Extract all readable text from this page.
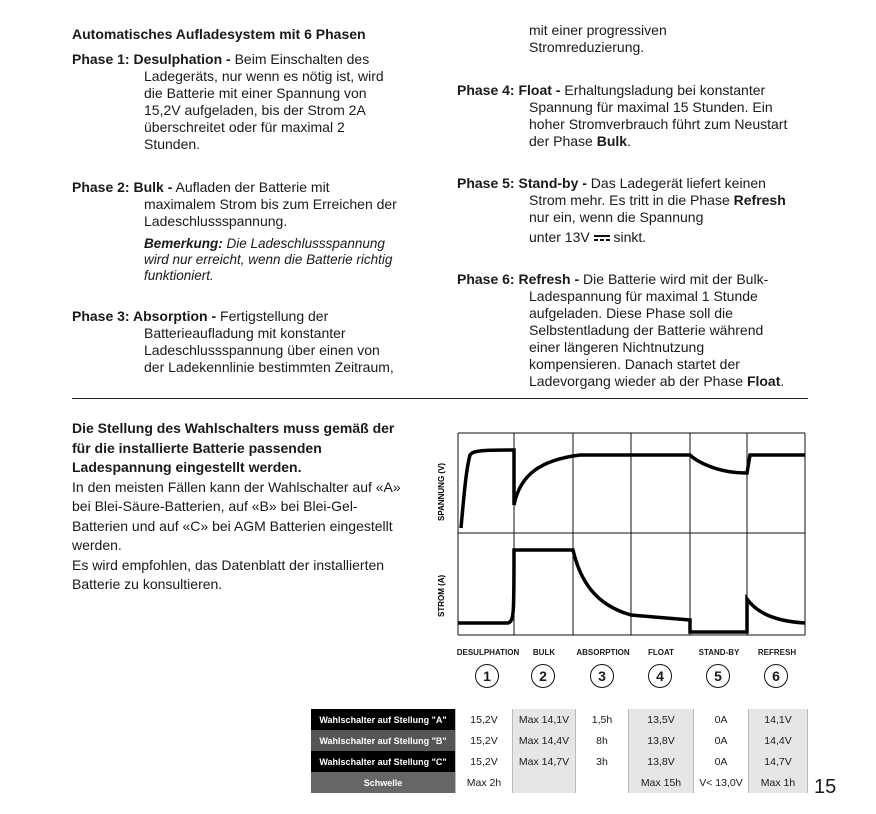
Automatisches Aufladesystem mit 6 Phasen
Phase 1: Desulphation - Beim Einschalten des
Ladegeräts, nur wenn es nötig ist, wird
die Batterie mit einer Spannung von
15,2V aufgeladen, bis der Strom 2A
überschreitet oder für maximal 2
Stunden.
Phase 2: Bulk - Aufladen der Batterie mit
maximalem Strom bis zum Erreichen der
Ladeschlussspannung.
Bemerkung: Die Ladeschlussspannung
wird nur erreicht, wenn die Batterie richtig
funktioniert.
Phase 3: Absorption - Fertigstellung der
Batterieaufladung mit konstanter
Ladeschlussspannung über einen von
der Ladekennlinie bestimmten Zeitraum,
mit einer progressiven
Stromreduzierung.
Phase 4: Float - Erhaltungsladung bei konstanter
Spannung für maximal 15 Stunden. Ein
hoher Stromverbrauch führt zum Neustart
der Phase Bulk.
Phase 5: Stand-by - Das Ladegerät liefert keinen
Strom mehr. Es tritt in die Phase Refresh
nur ein, wenn die Spannung
unter 13V
sinkt.
Phase 6: Refresh - Die Batterie wird mit der Bulk-
Ladespannung für maximal 1 Stunde
aufgeladen. Diese Phase soll die
Selbstentladung der Batterie während
einer längeren Nichtnutzung
kompensieren. Danach startet der
Ladevorgang wieder ab der Phase Float.
Die Stellung des Wahlschalters muss gemäß der
für die installierte Batterie passenden
Ladespannung eingestellt werden.
In den meisten Fällen kann der Wahlschalter auf «A»
bei Blei-Säure-Batterien, auf «B» bei Blei-Gel-
Batterien und auf «C» bei AGM Batterien eingestellt
werden.
Es wird empfohlen, das Datenblatt der installierten
Batterie zu konsultieren.
SPANNUNG (V)
STROM (A)
DESULPHATION	BULK	ABSORPTION	FLOAT	STAND-BY	REFRESH
1	2	3	4	5	6
Wahlschalter auf Stellung "A"	15,2V	Max 14,1V	1,5h	13,5V	0A	14,1V
Wahlschalter auf Stellung "B"	15,2V	Max 14,4V	8h	13,8V	0A	14,4V
Wahlschalter auf Stellung "C"	15,2V	Max 14,7V	3h	13,8V	0A	14,7V
Schwelle	Max 2h			Max 15h	V< 13,0V	Max 1h 15
